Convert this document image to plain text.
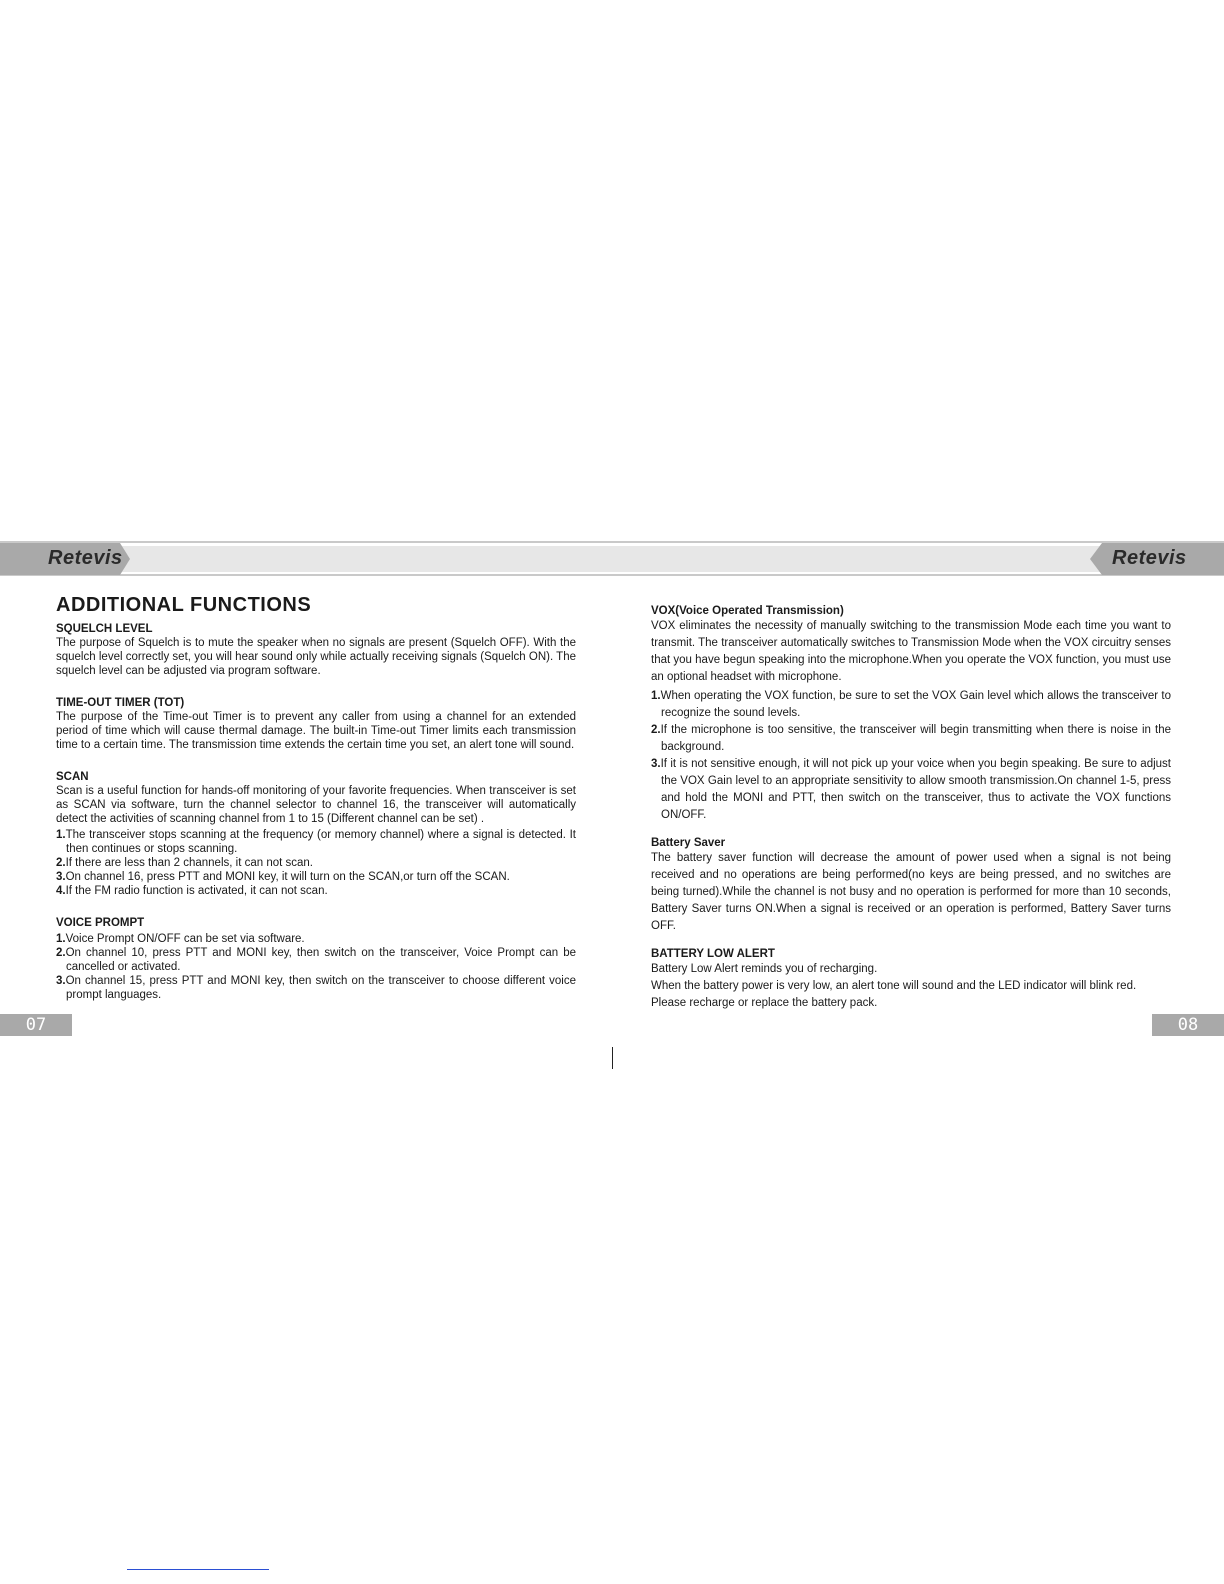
Retevis	Retevis
ADDITIONAL FUNCTIONS
SQUELCH LEVEL

The purpose of Squelch is to mute the speaker when no signals are present (Squelch OFF). With the squelch level correctly set, you will hear sound only while actually receiving signals (Squelch ON). The squelch level can be adjusted via program software.

TIME-OUT TIMER (TOT)

The purpose of the Time-out Timer is to prevent any caller from using a channel for an extended period of time which will cause thermal damage. The built-in Time-out Timer limits each transmission time to a certain time. The transmission time extends the certain time you set, an alert tone will sound.

SCAN

Scan is a useful function for hands-off monitoring of your favorite frequencies. When transceiver is set as SCAN via software, turn the channel selector to channel 16, the transceiver will automatically detect the activities of scanning channel from 1 to 15 (Different channel can be set) .

1.The transceiver stops scanning at the frequency (or memory channel) where a signal is detected. It then continues or stops scanning.
2.If there are less than 2 channels, it can not scan.
3.On channel 16, press PTT and MONI key, it will turn on the SCAN,or turn off the SCAN.
4.If the FM radio function is activated, it can not scan.
VOICE PROMPT
1.Voice Prompt ON/OFF can be set via software.
2.On channel 10, press PTT and MONI key, then switch on the transceiver, Voice Prompt can be cancelled or activated.
3.On channel 15, press PTT and MONI key, then switch on the transceiver to choose different voice prompt languages.
VOX(Voice Operated Transmission)

VOX eliminates the necessity of manually switching to the transmission Mode each time you want to transmit. The transceiver automatically switches to Transmission Mode when the VOX circuitry senses that you have begun speaking into the microphone.When you operate the VOX function, you must use an optional headset with microphone.

1.When operating the VOX function, be sure to set the VOX Gain level which allows the transceiver to recognize the sound levels.
2.If the microphone is too sensitive, the transceiver will begin transmitting when there is noise in the background.
3.If it is not sensitive enough, it will not pick up your voice when you begin speaking. Be sure to adjust the VOX Gain level to an appropriate sensitivity to allow smooth transmission.On channel 1-5, press and hold the MONI and PTT, then switch on the transceiver, thus to activate the VOX functions ON/OFF.
Battery Saver

The battery saver function will decrease the amount of power used when a signal is not being received and no operations are being performed(no keys are being pressed, and no switches are being turned).While the channel is not busy and no operation is performed for more than 10 seconds, Battery Saver turns ON.When a signal is received or an operation is performed, Battery Saver turns OFF.

BATTERY LOW ALERT

Battery Low Alert reminds you of recharging.

When the battery power is very low, an alert tone will sound and the LED indicator will blink red.

Please recharge or replace the battery pack.

07	08
